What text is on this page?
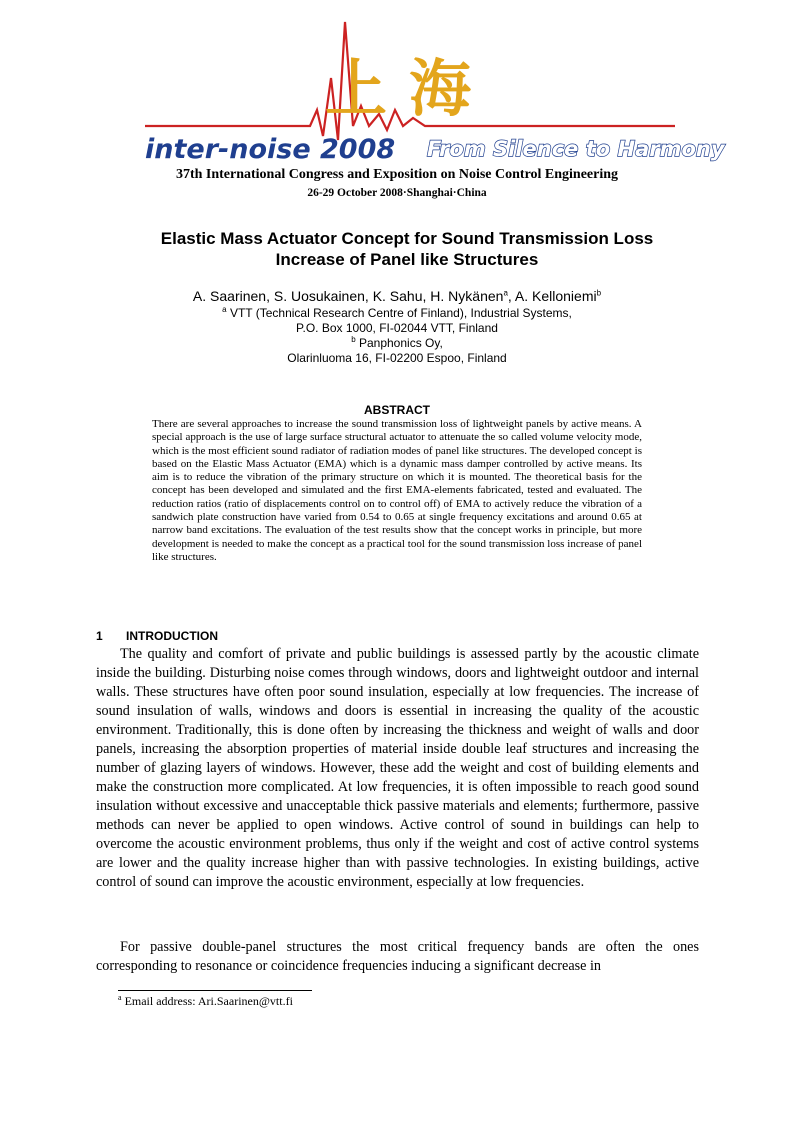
上海
inter-noise 2008 From Silence to Harmony
37th International Congress and Exposition on Noise Control Engineering
26-29 October 2008·Shanghai·China
Elastic Mass Actuator Concept for Sound Transmission Loss
Increase of Panel like Structures
A. Saarinen, S. Uosukainen, K. Sahu, H. Nykänen$^a$, A. Kelloniemi$^b$
$^a$ VTT (Technical Research Centre of Finland), Industrial Systems,
P.O. Box 1000, FI-02044 VTT, Finland
$^b$ Panphonics Oy,
Olarinluoma 16, FI-02200 Espoo, Finland
ABSTRACT
There are several approaches to increase the sound transmission loss of lightweight panels by active means. A special approach is the use of large surface structural actuator to attenuate the so called volume velocity mode, which is the most efficient sound radiator of radiation modes of panel like structures. The developed concept is based on the Elastic Mass Actuator (EMA) which is a dynamic mass damper controlled by active means. Its aim is to reduce the vibration of the primary structure on which it is mounted. The theoretical basis for the concept has been developed and simulated and the first EMA-elements fabricated, tested and evaluated. The reduction ratios (ratio of displacements control on to control off) of EMA to actively reduce the vibration of a sandwich plate construction have varied from 0.54 to 0.65 at single frequency excitations and around 0.65 at narrow band excitations. The evaluation of the test results show that the concept works in principle, but more development is needed to make the concept as a practical tool for the sound transmission loss increase of panel like structures.
1 INTRODUCTION
The quality and comfort of private and public buildings is assessed partly by the acoustic climate inside the building. Disturbing noise comes through windows, doors and lightweight outdoor and internal walls. These structures have often poor sound insulation, especially at low frequencies. The increase of sound insulation of walls, windows and doors is essential in increasing the quality of the acoustic environment. Traditionally, this is done often by increasing the thickness and weight of walls and door panels, increasing the absorption properties of material inside double leaf structures and increasing the number of glazing layers of windows. However, these add the weight and cost of building elements and make the construction more complicated. At low frequencies, it is often impossible to reach good sound insulation without excessive and unacceptable thick passive materials and elements; furthermore, passive methods can never be applied to open windows. Active control of sound in buildings can help to overcome the acoustic environment problems, thus only if the weight and cost of active control systems are lower and the quality increase higher than with passive technologies. In existing buildings, active control of sound can improve the acoustic environment, especially at low frequencies.
For passive double-panel structures the most critical frequency bands are often the ones corresponding to resonance or coincidence frequencies inducing a significant decrease in
$^a$ Email address: Ari.Saarinen@vtt.fi
